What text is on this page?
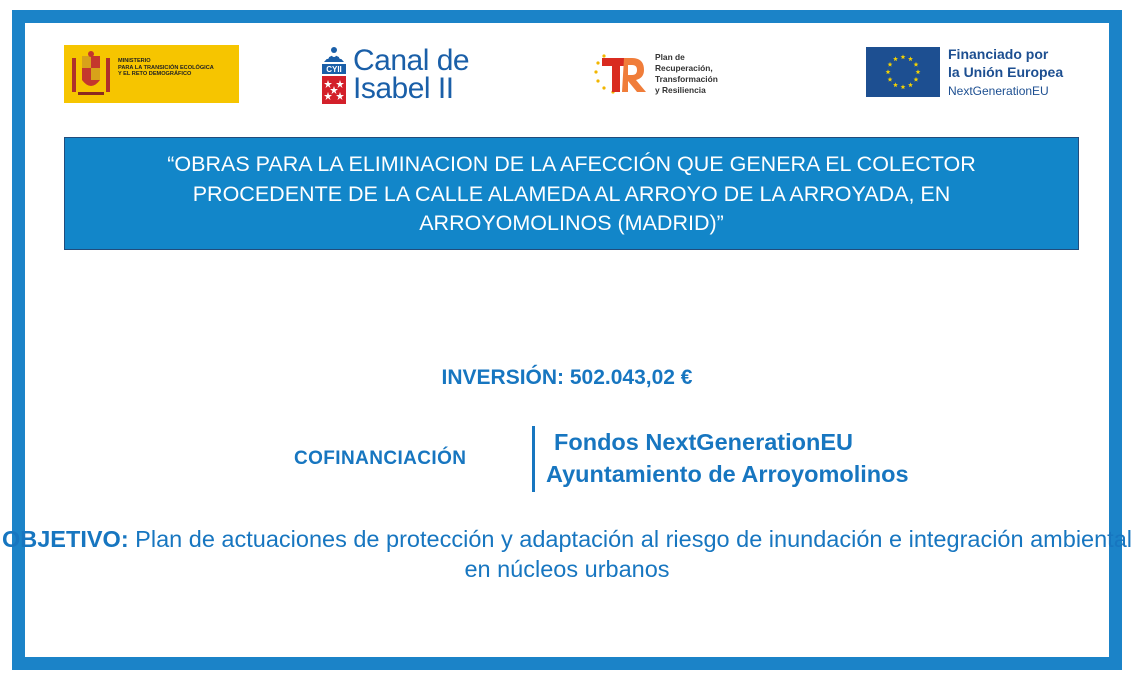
MINISTERIO
PARA LA TRANSICIÓN ECOLÓGICA
Y EL RETO DEMOGRÁFICO
CYII Canal de
Isabel II
Plan de
Recuperación,
Transformación
y Resiliencia
Financiado por
la Unión Europea
NextGenerationEU
“OBRAS PARA LA ELIMINACION DE LA AFECCIÓN QUE GENERA EL COLECTOR PROCEDENTE DE LA CALLE ALAMEDA AL ARROYO DE LA ARROYADA, EN ARROYOMOLINOS (MADRID)”
INVERSIÓN: 502.043,02 €
COFINANCIACIÓN
Fondos NextGenerationEU
Ayuntamiento de Arroyomolinos
OBJETIVO: Plan de actuaciones de protección y adaptación al riesgo de inundación e integración ambiental en núcleos urbanos
